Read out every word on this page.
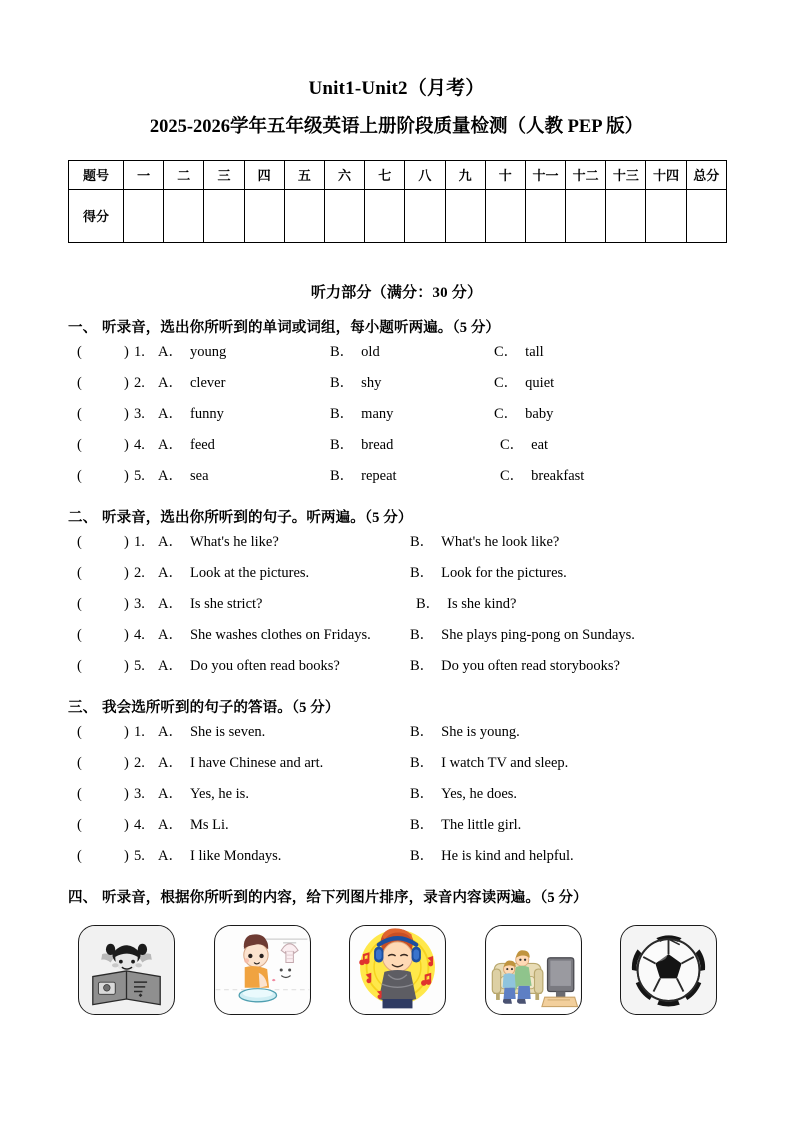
Unit1-Unit2（月考）
2025-2026学年五年级英语上册阶段质量检测（人教 PEP 版）
题号	一	二	三	四	五	六	七	八	九	十	十一	十二	十三	十四	总分
得分															
听力部分（满分：30 分）
一、 听录音，选出你所听到的单词或词组，每小题听两遍。（5 分）
(	) 1. A． young	B． old	C． tall
(	) 2. A． clever	B． shy	C． quiet
(	) 3. A． funny	B． many	C． baby
(	) 4. A． feed	B． bread	C． eat
(	) 5. A． sea	B． repeat	C． breakfast
二、 听录音，选出你所听到的句子。听两遍。（5 分）
(	) 1. A． What's he like?	B． What's he look like?
(	) 2. A． Look at the pictures.	B． Look for the pictures.
(	) 3. A． Is she strict?	B． Is she kind?
(	) 4. A． She washes clothes on Fridays.	B． She plays ping-pong on Sundays.
(	) 5. A． Do you often read books?	B． Do you often read storybooks?
三、 我会选所听到的句子的答语。（5 分）
(	) 1. A． She is seven.	B． She is young.
(	) 2. A． I have Chinese and art.	B． I watch TV and sleep.
(	) 3. A． Yes, he is.	B． Yes, he does.
(	) 4. A． Ms Li.	B． The little girl.
(	) 5. A． I like Mondays.	B． He is kind and helpful.
四、 听录音，根据你所听到的内容，给下列图片排序，录音内容读两遍。（5 分）
